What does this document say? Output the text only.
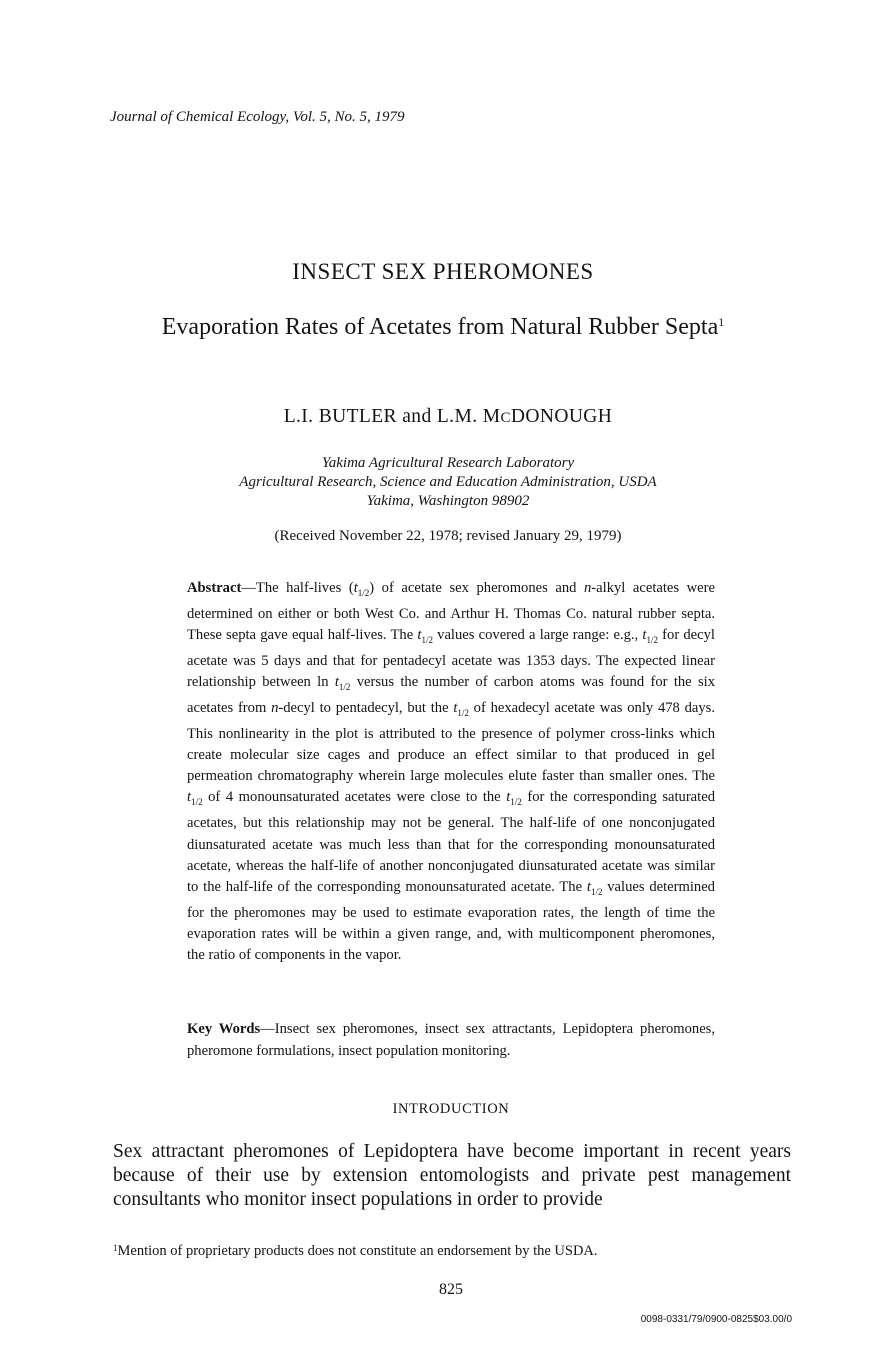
Journal of Chemical Ecology, Vol. 5, No. 5, 1979
INSECT SEX PHEROMONES
Evaporation Rates of Acetates from Natural Rubber Septa$^1$
L.I. BUTLER and L.M. MCDONOUGH
Yakima Agricultural Research Laboratory
Agricultural Research, Science and Education Administration, USDA
Yakima, Washington 98902
(Received November 22, 1978; revised January 29, 1979)
Abstract—The half-lives $(t_{1/2})$ of acetate sex pheromones and n-alkyl acetates were determined on either or both West Co. and Arthur H. Thomas Co. natural rubber septa. These septa gave equal half-lives. The $t_{1/2}$ values covered a large range: e.g., $t_{1/2}$ for decyl acetate was 5 days and that for pentadecyl acetate was 1353 days. The expected linear relationship between $\ln t_{1/2}$ versus the number of carbon atoms was found for the six acetates from n-decyl to pentadecyl, but the $t_{1/2}$ of hexadecyl acetate was only 478 days. This nonlinearity in the plot is attributed to the presence of polymer cross-links which create molecular size cages and produce an effect similar to that produced in gel permeation chromatography wherein large molecules elute faster than smaller ones. The $t_{1/2}$ of 4 monounsaturated acetates were close to the $t_{1/2}$ for the corresponding saturated acetates, but this relationship may not be general. The half-life of one nonconjugated diunsaturated acetate was much less than that for the corresponding monounsaturated acetate, whereas the half-life of another nonconjugated diunsaturated acetate was similar to the half-life of the corresponding monounsaturated acetate. The $t_{1/2}$ values determined for the pheromones may be used to estimate evaporation rates, the length of time the evaporation rates will be within a given range, and, with multicomponent pheromones, the ratio of components in the vapor.
Key Words—Insect sex pheromones, insect sex attractants, Lepidoptera pheromones, pheromone formulations, insect population monitoring.
INTRODUCTION
Sex attractant pheromones of Lepidoptera have become important in recent years because of their use by extension entomologists and private pest management consultants who monitor insect populations in order to provide
$^1$Mention of proprietary products does not constitute an endorsement by the USDA.
825
0098-0331/79/0900-0825$03.00/0
